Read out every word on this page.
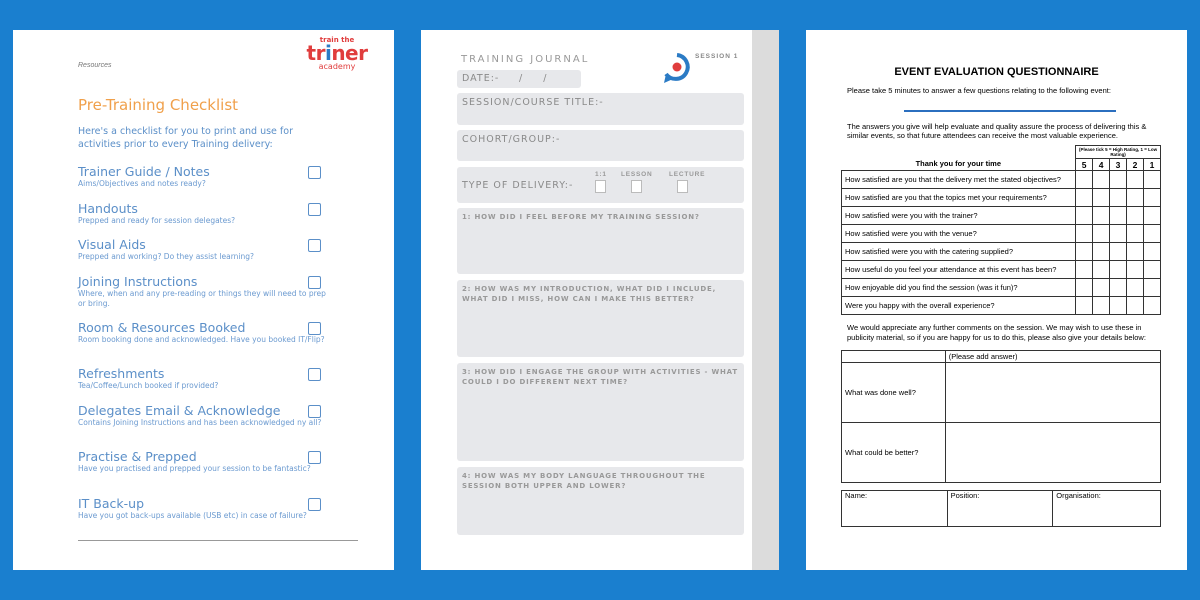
Resources
train the
triner
academy
Pre-Training Checklist
Here's a checklist for you to print and use for activities prior to every Training delivery:
Trainer Guide / Notes
Aims/Objectives and notes ready?
Handouts
Prepped and ready for session delegates?
Visual Aids
Prepped and working? Do they assist learning?
Joining Instructions
Where, when and any pre-reading or things they will need to prep or bring.
Room & Resources Booked
Room booking done and acknowledged. Have you booked IT/Flip?
Refreshments
Tea/Coffee/Lunch booked if provided?
Delegates Email & Acknowledge
Contains Joining Instructions and has been acknowledged ny all?
Practise & Prepped
Have you practised and prepped your session to be fantastic?
IT Back-up
Have you got back-ups available (USB etc) in case of failure?
TRAINING JOURNAL	SESSION 1
DATE:- /     /
SESSION/COURSE TITLE:-
COHORT/GROUP:-
TYPE OF DELIVERY:-
1:1 LESSON	LECTURE
1: HOW DID I FEEL BEFORE MY TRAINING SESSION?
2: HOW WAS MY INTRODUCTION, WHAT DID I INCLUDE, WHAT DID I MISS, HOW CAN I MAKE THIS BETTER?
3: HOW DID I ENGAGE THE GROUP WITH ACTIVITIES - WHAT COULD I DO DIFFERENT NEXT TIME?
4: HOW WAS MY BODY LANGUAGE THROUGHOUT THE SESSION BOTH UPPER AND LOWER?
EVENT EVALUATION QUESTIONNAIRE
Please take 5 minutes to answer a few questions relating to the following event:
The answers you give will help evaluate and quality assure the process of delivering this & similar events, so that future attendees can receive the most valuable experience.
Thank you for your time	(Please tick 5 = High Rating, 1 = Low Rating)				
	5	4	3	2	1
How satisfied are you that the delivery met the stated objectives?					
How satisfied are you that the topics met your requirements?					
How satisfied were you with the trainer?					
How satisfied were you with the venue?					
How satisfied were you with the catering supplied?					
How useful do you feel your attendance at this event has been?					
How enjoyable did you find the session (was it fun)?					
Were you happy with the overall experience?					
We would appreciate any further comments on the session. We may wish to use these in publicity material, so if you are happy for us to do this, please also give your details below:
	(Please add answer)
What was done well?	
What could be better?	
Name:	Position:	Organisation:
